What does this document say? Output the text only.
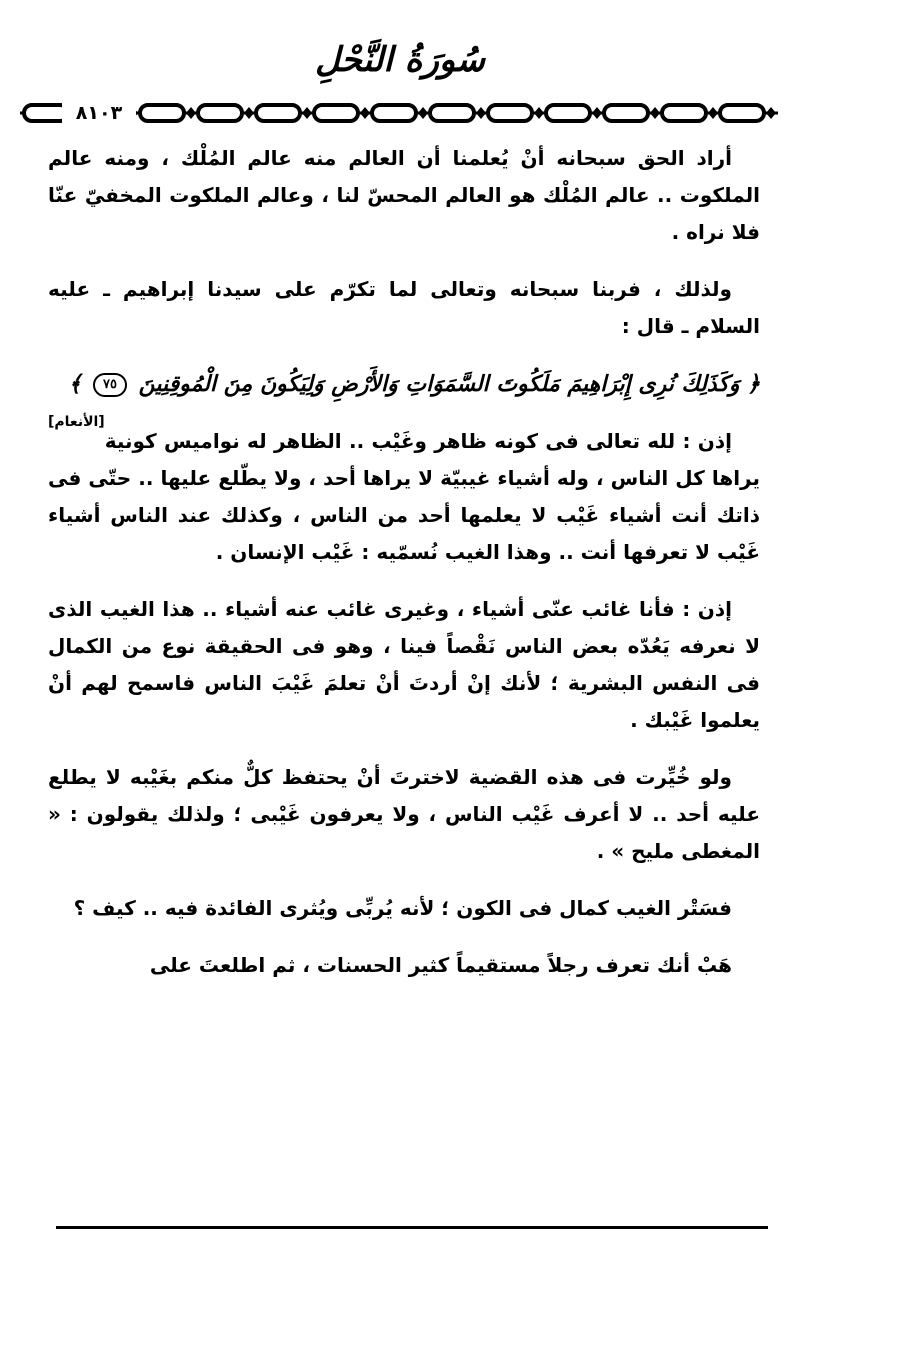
سُورَةُ النَّحْلِ
٨١٠٣

أراد الحق سبحانه أنْ يُعلمنا أن العالم منه عالم المُلْك ، ومنه عالم الملكوت .. عالم المُلْك هو العالم المحسّ لنا ، وعالم الملكوت المخفيّ عنّا فلا نراه .

ولذلك ، فربنا سبحانه وتعالى لما تكرّم على سيدنا إبراهيم ـ عليه السلام ـ قال :

﴿ وَكَذَلِكَ نُرِى إِبْرَاهِيمَ مَلَكُوتَ السَّمَوَاتِ وَالأَرْضِ وَلِيَكُونَ مِنَ الْمُوقِنِينَ ٧٥ ﴾
[الأنعام]

إذن : لله تعالى فى كونه ظاهر وغَيْب .. الظاهر له نواميس كونية يراها كل الناس ، وله أشياء غيبيّة لا يراها أحد ، ولا يطّلع عليها .. حتّى فى ذاتك أنت أشياء غَيْب لا يعلمها أحد من الناس ، وكذلك عند الناس أشياء غَيْب لا تعرفها أنت .. وهذا الغيب نُسمّيه : غَيْب الإنسان .

إذن : فأنا غائب عنّى أشياء ، وغيرى غائب عنه أشياء .. هذا الغيب الذى لا نعرفه يَعُدّه بعض الناس نَقْصاً فينا ، وهو فى الحقيقة نوع من الكمال فى النفس البشرية ؛ لأنك إنْ أردتَ أنْ تعلمَ غَيْبَ الناس فاسمح لهم أنْ يعلموا غَيْبك .

ولو خُيِّرت فى هذه القضية لاخترتَ أنْ يحتفظ كلٌّ منكم بغَيْبه لا يطلع عليه أحد .. لا أعرف غَيْب الناس ، ولا يعرفون غَيْبى ؛ ولذلك يقولون : « المغطى مليح » .

فسَتْر الغيب كمال فى الكون ؛ لأنه يُربِّى ويُثرى الفائدة فيه .. كيف ؟

هَبْ أنك تعرف رجلاً مستقيماً كثير الحسنات ، ثم اطلعتَ على
